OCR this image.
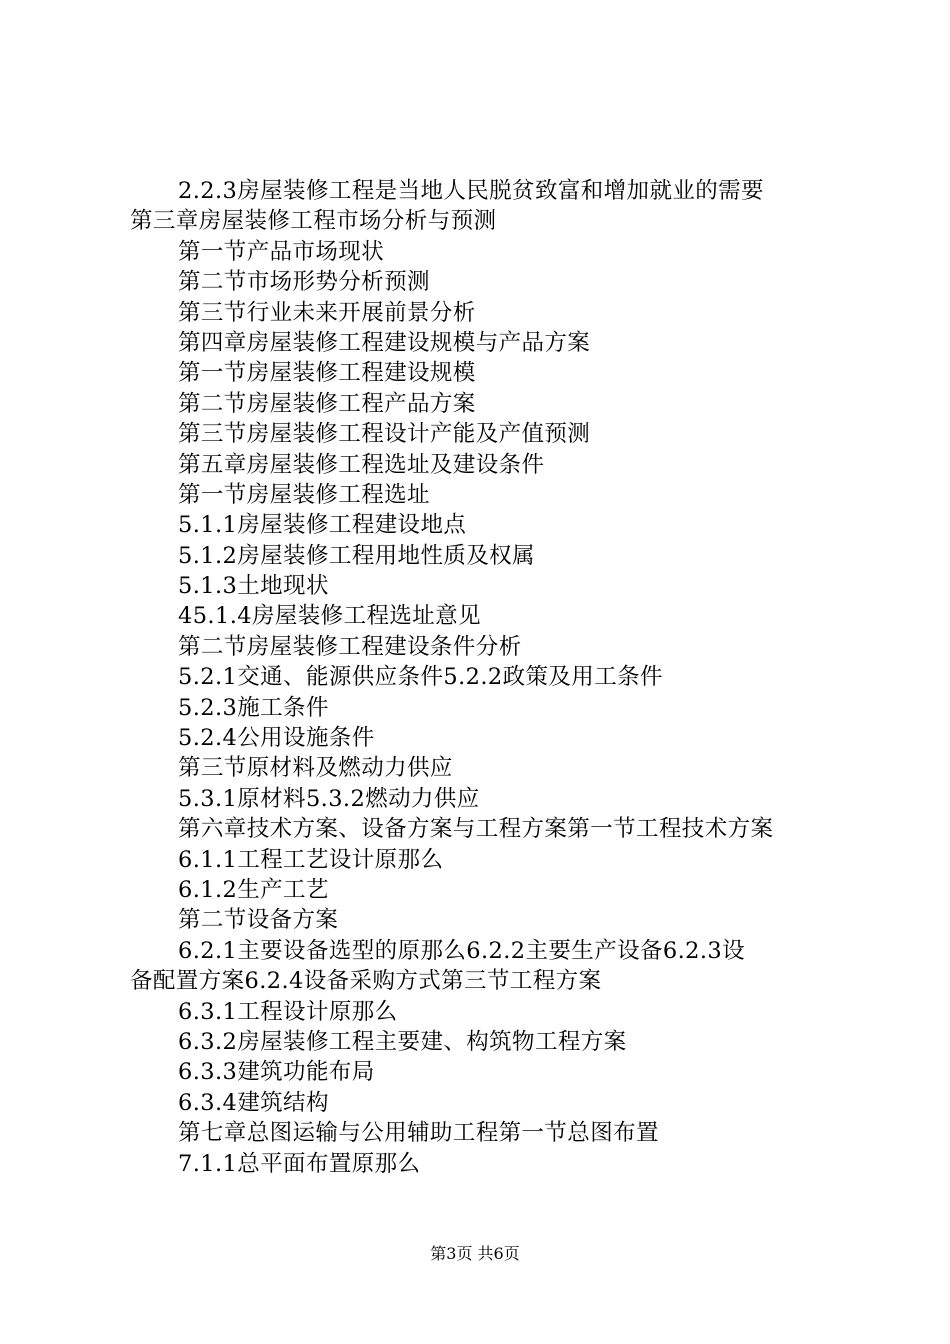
2.2.3房屋装修工程是当地人民脱贫致富和增加就业的需要
第三章房屋装修工程市场分析与预测
第一节产品市场现状
第二节市场形势分析预测
第三节行业未来开展前景分析
第四章房屋装修工程建设规模与产品方案
第一节房屋装修工程建设规模
第二节房屋装修工程产品方案
第三节房屋装修工程设计产能及产值预测
第五章房屋装修工程选址及建设条件
第一节房屋装修工程选址
5.1.1房屋装修工程建设地点
5.1.2房屋装修工程用地性质及权属
5.1.3土地现状
45.1.4房屋装修工程选址意见
第二节房屋装修工程建设条件分析
5.2.1交通、能源供应条件5.2.2政策及用工条件
5.2.3施工条件
5.2.4公用设施条件
第三节原材料及燃动力供应
5.3.1原材料5.3.2燃动力供应
第六章技术方案、设备方案与工程方案第一节工程技术方案
6.1.1工程工艺设计原那么
6.1.2生产工艺
第二节设备方案
6.2.1主要设备选型的原那么6.2.2主要生产设备6.2.3设
备配置方案6.2.4设备采购方式第三节工程方案
6.3.1工程设计原那么
6.3.2房屋装修工程主要建、构筑物工程方案
6.3.3建筑功能布局
6.3.4建筑结构
第七章总图运输与公用辅助工程第一节总图布置
7.1.1总平面布置原那么
第3页 共6页
